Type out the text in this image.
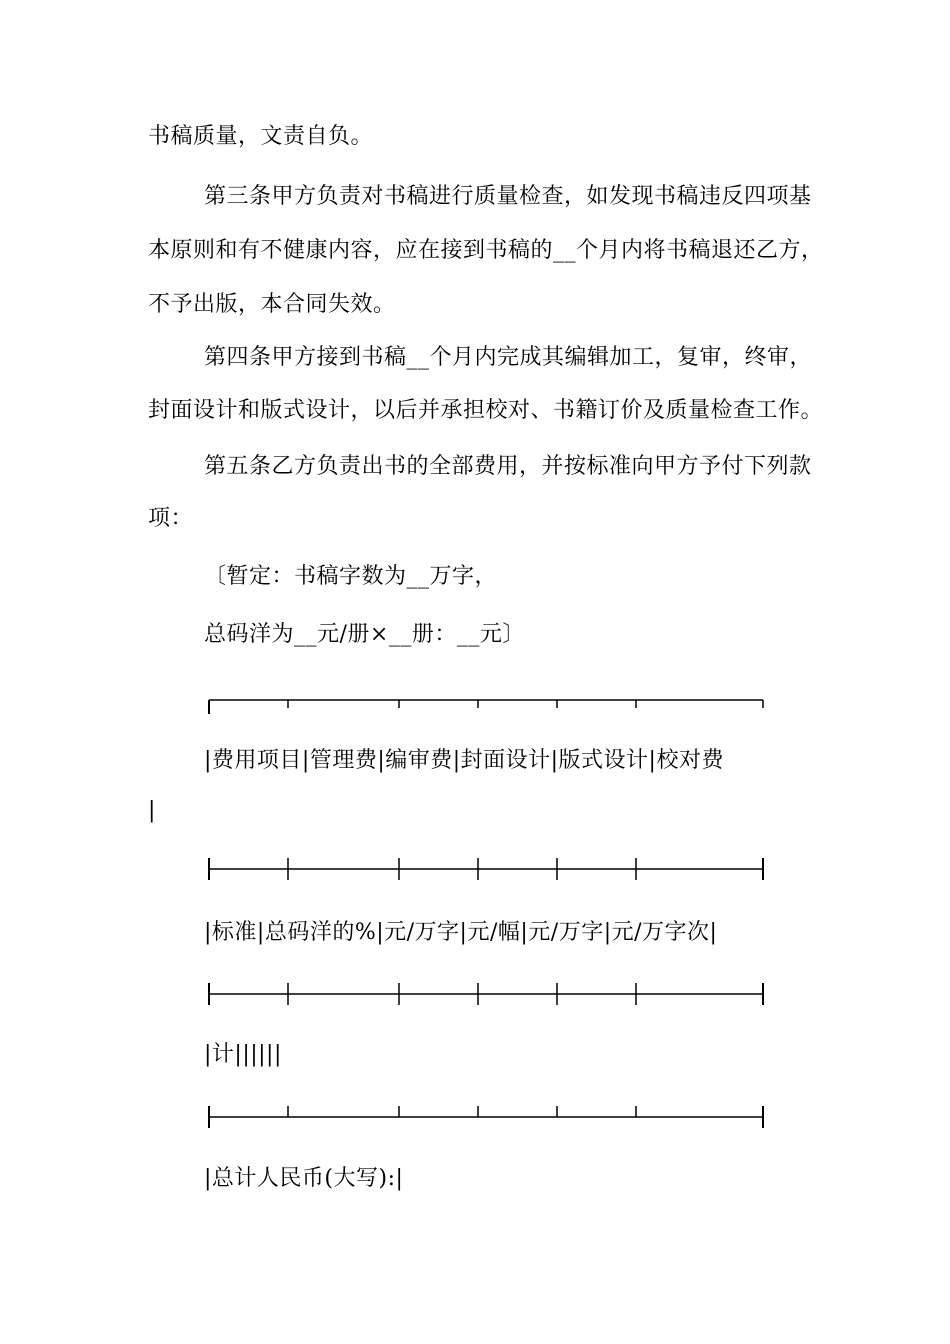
书稿质量，文责自负。
第三条甲方负责对书稿进行质量检查，如发现书稿违反四项基
本原则和有不健康内容，应在接到书稿的__个月内将书稿退还乙方，
不予出版，本合同失效。
第四条甲方接到书稿__个月内完成其编辑加工，复审，终审，
封面设计和版式设计，以后并承担校对、书籍订价及质量检查工作。
第五条乙方负责出书的全部费用，并按标准向甲方予付下列款
项：
〔暂定：书稿字数为__万字，
总码洋为__元/册×__册：__元〕
|费用项目|管理费|编审费|封面设计|版式设计|校对费
|
|标准|总码洋的%|元/万字|元/幅|元/万字|元/万字次|
|计||||||
|总计人民币(大写):|
